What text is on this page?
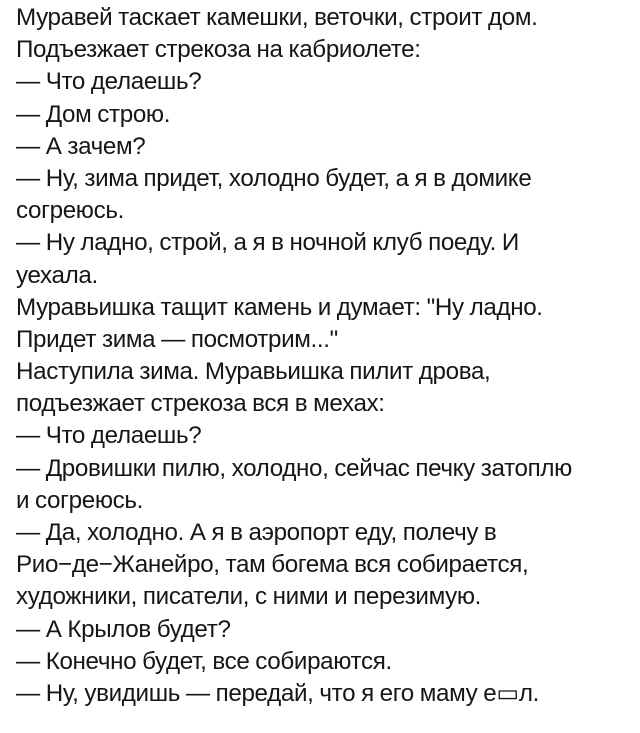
Муравей таскает камешки, веточки, строит дом.
Подъезжает стрекоза на кабриолете:
— Что делаешь?
— Дом строю.
— А зачем?
— Ну, зима придет, холодно будет, а я в домике
согреюсь.
— Ну ладно, строй, а я в ночной клуб поеду. И
уехала.
Муравьишка тащит камень и думает: "Ну ладно.
Придет зима — посмотрим..."
Наступила зима. Муравьишка пилит дрова,
подъезжает стрекоза вся в мехах:
— Что делаешь?
— Дровишки пилю, холодно, сейчас печку затоплю
и согреюсь.
— Да, холодно. А я в аэропорт еду, полечу в
Рио−де−Жанейро, там богема вся собирается,
художники, писатели, с ними и перезимую.
— А Крылов будет?
— Конечно будет, все собираются.
— Ну, увидишь — передай, что я его маму е▭л.
